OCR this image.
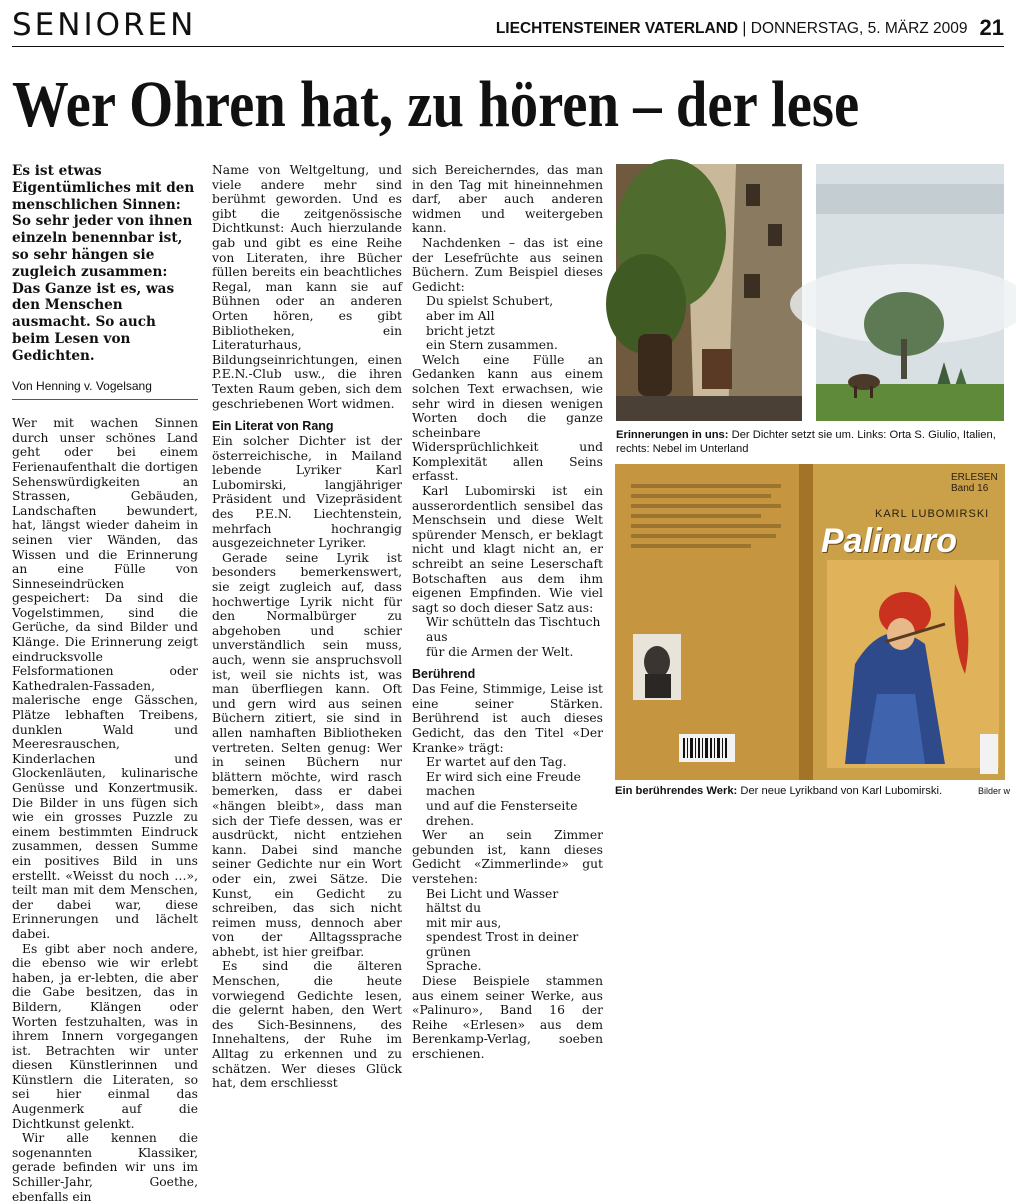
SENIOREN	LIECHTENSTEINER VATERLAND | DONNERSTAG, 5. MÄRZ 2009 21
Wer Ohren hat, zu hören – der lese

Es ist etwas Eigentümliches mit den menschlichen Sinnen: So sehr jeder von ihnen einzeln benennbar ist, so sehr hängen sie zugleich zusammen: Das Ganze ist es, was den Menschen ausmacht. So auch beim Lesen von Gedichten.

Von Henning v. Vogelsang

Wer mit wachen Sinnen durch unser schönes Land geht oder bei einem Ferienaufenthalt die dortigen Sehenswürdigkeiten an Strassen, Gebäuden, Landschaften bewundert, hat, längst wieder daheim in seinen vier Wänden, das Wissen und die Erinnerung an eine Fülle von Sinneseindrücken gespeichert: Da sind die Vogelstimmen, sind die Gerüche, da sind Bilder und Klänge. Die Erinnerung zeigt eindrucksvolle Felsformationen oder Kathedralen-Fassaden, malerische enge Gässchen, Plätze lebhaften Treibens, dunklen Wald und Meeresrauschen, Kinderlachen und Glockenläuten, kulinarische Genüsse und Konzertmusik. Die Bilder in uns fügen sich wie ein grosses Puzzle zu einem bestimmten Eindruck zusammen, dessen Summe ein positives Bild in uns erstellt. «Weisst du noch …», teilt man mit dem Menschen, der dabei war, diese Erinnerungen und lächelt dabei.

Es gibt aber noch andere, die ebenso wie wir erlebt haben, ja er-lebten, die aber die Gabe besitzen, das in Bildern, Klängen oder Worten festzuhalten, was in ihrem Innern vorgegangen ist. Betrachten wir unter diesen Künstlerinnen und Künstlern die Literaten, so sei hier einmal das Augenmerk auf die Dichtkunst gelenkt.

Wir alle kennen die sogenannten Klassiker, gerade befinden wir uns im Schiller-Jahr, Goethe, ebenfalls ein

Name von Weltgeltung, und viele andere mehr sind berühmt geworden. Und es gibt die zeitgenössische Dichtkunst: Auch hierzulande gab und gibt es eine Reihe von Literaten, ihre Bücher füllen bereits ein beachtliches Regal, man kann sie auf Bühnen oder an anderen Orten hören, es gibt Bibliotheken, ein Literaturhaus, Bildungseinrichtungen, einen P.E.N.-Club usw., die ihren Texten Raum geben, sich dem geschriebenen Wort widmen.

Ein Literat von Rang

Ein solcher Dichter ist der österreichische, in Mailand lebende Lyriker Karl Lubomirski, langjähriger Präsident und Vizepräsident des P.E.N. Liechtenstein, mehrfach hochrangig ausgezeichneter Lyriker.

Gerade seine Lyrik ist besonders bemerkenswert, sie zeigt zugleich auf, dass hochwertige Lyrik nicht für den Normalbürger zu abgehoben und schier unverständlich sein muss, auch, wenn sie anspruchsvoll ist, weil sie nichts ist, was man überfliegen kann. Oft und gern wird aus seinen Büchern zitiert, sie sind in allen namhaften Bibliotheken vertreten. Selten genug: Wer in seinen Büchern nur blättern möchte, wird rasch bemerken, dass er dabei «hängen bleibt», dass man sich der Tiefe dessen, was er ausdrückt, nicht entziehen kann. Dabei sind manche seiner Gedichte nur ein Wort oder ein, zwei Sätze. Die Kunst, ein Gedicht zu schreiben, das sich nicht reimen muss, dennoch aber von der Alltagssprache abhebt, ist hier greifbar.

Es sind die älteren Menschen, die heute vorwiegend Gedichte lesen, die gelernt haben, den Wert des Sich-Besinnens, des Innehaltens, der Ruhe im Alltag zu erkennen und zu schätzen. Wer dieses Glück hat, dem erschliesst

sich Bereicherndes, das man in den Tag mit hineinnehmen darf, aber auch anderen widmen und weitergeben kann.

Nachdenken – das ist eine der Lesefrüchte aus seinen Büchern. Zum Beispiel dieses Gedicht:

Du spielst Schubert,
aber im All
bricht jetzt
ein Stern zusammen.

Welch eine Fülle an Gedanken kann aus einem solchen Text erwachsen, wie sehr wird in diesen wenigen Worten doch die ganze scheinbare Widersprüchlichkeit und Komplexität allen Seins erfasst.

Karl Lubomirski ist ein ausserordentlich sensibel das Menschsein und diese Welt spürender Mensch, er beklagt nicht und klagt nicht an, er schreibt an seine Leserschaft Botschaften aus dem ihm eigenen Empfinden. Wie viel sagt so doch dieser Satz aus:

Wir schütteln das Tischtuch aus
für die Armen der Welt.
Berührend

Das Feine, Stimmige, Leise ist eine seiner Stärken. Berührend ist auch dieses Gedicht, das den Titel «Der Kranke» trägt:

Er wartet auf den Tag.
Er wird sich eine Freude machen
und auf die Fensterseite drehen.

Wer an sein Zimmer gebunden ist, kann dieses Gedicht «Zimmerlinde» gut verstehen:

Bei Licht und Wasser
hältst du
mit mir aus,
spendest Trost in deiner grünen
Sprache.

Diese Beispiele stammen aus einem seiner Werke, aus «Palinuro», Band 16 der Reihe «Erlesen» aus dem Berenkamp-Verlag, soeben erschienen.

Erinnerungen in uns: Der Dichter setzt sie um. Links: Orta S. Giulio, Italien, rechts: Nebel im Unterland
ERLESEN
Band 16
KARL LUBOMIRSKI
Palinuro
Ein berührendes Werk: Der neue Lyrikband von Karl Lubomirski.	Bilder w
